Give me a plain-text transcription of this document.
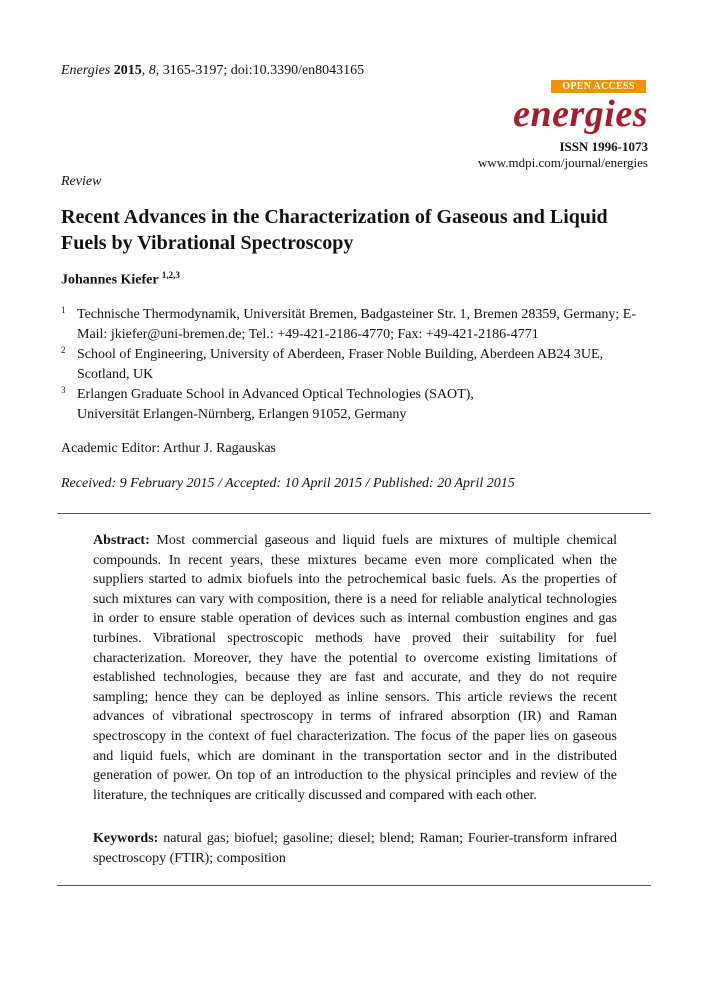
Energies 2015, 8, 3165-3197; doi:10.3390/en8043165
OPEN ACCESS
energies
ISSN 1996-1073
www.mdpi.com/journal/energies
Review
Recent Advances in the Characterization of Gaseous and Liquid Fuels by Vibrational Spectroscopy
Johannes Kiefer $^{1,2,3}$
1 Technische Thermodynamik, Universität Bremen, Badgasteiner Str. 1, Bremen 28359, Germany; E-Mail: jkiefer@uni-bremen.de; Tel.: +49-421-2186-4770; Fax: +49-421-2186-4771
2 School of Engineering, University of Aberdeen, Fraser Noble Building, Aberdeen AB24 3UE, Scotland, UK
3 Erlangen Graduate School in Advanced Optical Technologies (SAOT), Universität Erlangen-Nürnberg, Erlangen 91052, Germany
Academic Editor: Arthur J. Ragauskas
Received: 9 February 2015 / Accepted: 10 April 2015 / Published: 20 April 2015
Abstract: Most commercial gaseous and liquid fuels are mixtures of multiple chemical compounds. In recent years, these mixtures became even more complicated when the suppliers started to admix biofuels into the petrochemical basic fuels. As the properties of such mixtures can vary with composition, there is a need for reliable analytical technologies in order to ensure stable operation of devices such as internal combustion engines and gas turbines. Vibrational spectroscopic methods have proved their suitability for fuel characterization. Moreover, they have the potential to overcome existing limitations of established technologies, because they are fast and accurate, and they do not require sampling; hence they can be deployed as inline sensors. This article reviews the recent advances of vibrational spectroscopy in terms of infrared absorption (IR) and Raman spectroscopy in the context of fuel characterization. The focus of the paper lies on gaseous and liquid fuels, which are dominant in the transportation sector and in the distributed generation of power. On top of an introduction to the physical principles and review of the literature, the techniques are critically discussed and compared with each other.
Keywords: natural gas; biofuel; gasoline; diesel; blend; Raman; Fourier-transform infrared spectroscopy (FTIR); composition
